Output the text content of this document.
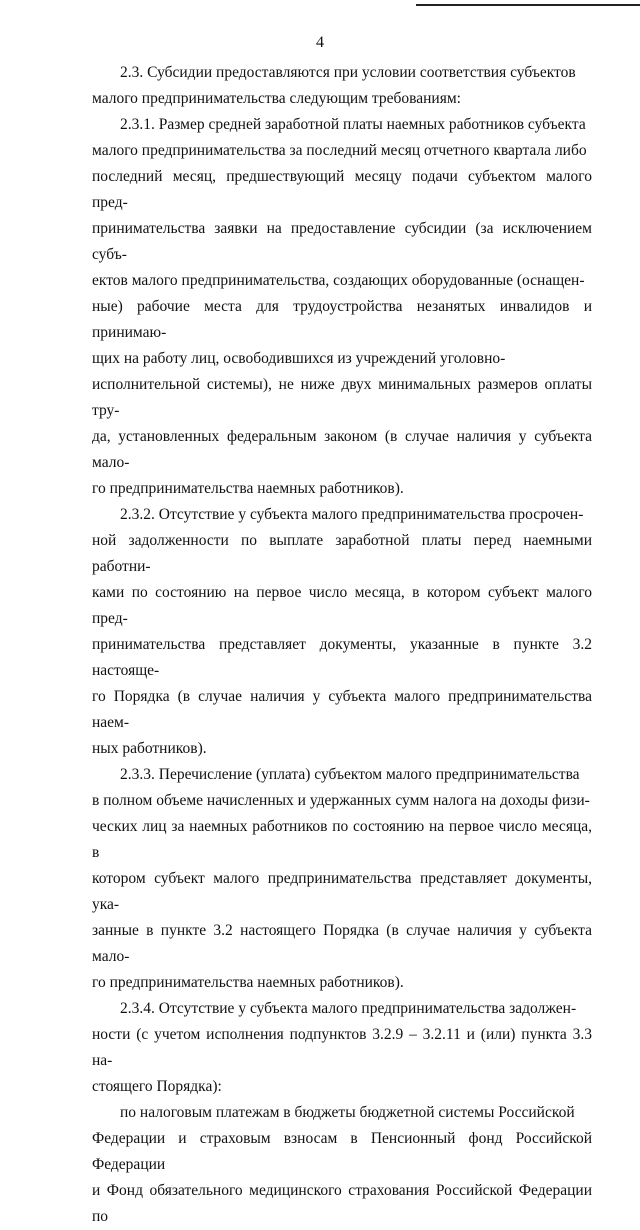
4

2.3. Субсидии предоставляются при условии соответствия субъектов
малого предпринимательства следующим требованиям:

2.3.1. Размер средней заработной платы наемных работников субъекта
малого предпринимательства за последний месяц отчетного квартала либо
последний месяц, предшествующий месяцу подачи субъектом малого пред-
принимательства заявки на предоставление субсидии (за исключением субъ-
ектов малого предпринимательства, создающих оборудованные (оснащен-
ные) рабочие места для трудоустройства незанятых инвалидов и принимаю-
щих на работу лиц, освободившихся из учреждений уголовно-
исполнительной системы), не ниже двух минимальных размеров оплаты тру-
да, установленных федеральным законом (в случае наличия у субъекта мало-
го предпринимательства наемных работников).

2.3.2. Отсутствие у субъекта малого предпринимательства просрочен-
ной задолженности по выплате заработной платы перед наемными работни-
ками по состоянию на первое число месяца, в котором субъект малого пред-
принимательства представляет документы, указанные в пункте 3.2 настояще-
го Порядка (в случае наличия у субъекта малого предпринимательства наем-
ных работников).

2.3.3. Перечисление (уплата) субъектом малого предпринимательства
в полном объеме начисленных и удержанных сумм налога на доходы физи-
ческих лиц за наемных работников по состоянию на первое число месяца, в
котором субъект малого предпринимательства представляет документы, ука-
занные в пункте 3.2 настоящего Порядка (в случае наличия у субъекта мало-
го предпринимательства наемных работников).

2.3.4. Отсутствие у субъекта малого предпринимательства задолжен-
ности (с учетом исполнения подпунктов 3.2.9 – 3.2.11 и (или) пункта 3.3 на-
стоящего Порядка):

по налоговым платежам в бюджеты бюджетной системы Российской
Федерации и страховым взносам в Пенсионный фонд Российской Федерации
и Фонд обязательного медицинского страхования Российской Федерации по
